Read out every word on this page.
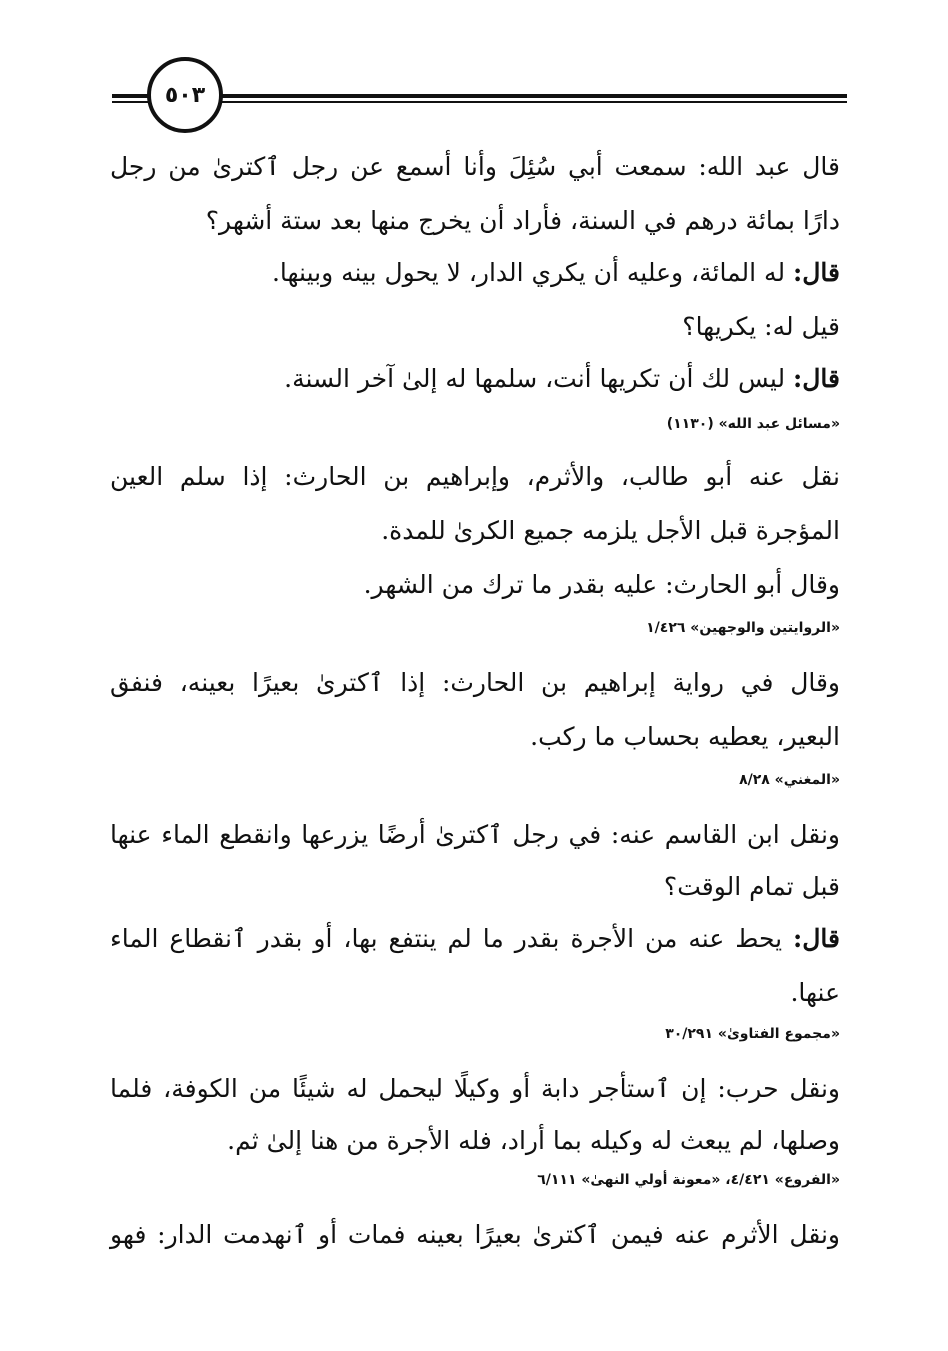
٥٠٣
قال عبد الله: سمعت أبي سُئِلَ وأنا أسمع عن رجل ٱكترىٰ من رجل
دارًا بمائة درهم في السنة، فأراد أن يخرج منها بعد ستة أشهر؟
قال: له المائة، وعليه أن يكري الدار، لا يحول بينه وبينها.
قيل له: يكريها؟
قال: ليس لك أن تكريها أنت، سلمها له إلىٰ آخر السنة.
«مسائل عبد الله» (١١٣٠)
نقل عنه أبو طالب، والأثرم، وإبراهيم بن الحارث: إذا سلم العين
المؤجرة قبل الأجل يلزمه جميع الكرىٰ للمدة.
وقال أبو الحارث: عليه بقدر ما ترك من الشهر.
«الروايتين والوجهين» ١/٤٢٦
وقال في رواية إبراهيم بن الحارث: إذا ٱكترىٰ بعيرًا بعينه، فنفق
البعير، يعطيه بحساب ما ركب.
«المغني» ٨/٢٨
ونقل ابن القاسم عنه: في رجل ٱكترىٰ أرضًا يزرعها وانقطع الماء عنها
قبل تمام الوقت؟
قال: يحط عنه من الأجرة بقدر ما لم ينتفع بها، أو بقدر ٱنقطاع الماء
عنها.
«مجموع الفتاوىٰ» ٣٠/٢٩١
ونقل حرب: إن ٱستأجر دابة أو وكيلًا ليحمل له شيئًا من الكوفة، فلما
وصلها، لم يبعث له وكيله بما أراد، فله الأجرة من هنا إلىٰ ثم.
«الفروع» ٤/٤٢١، «معونة أولي النهىٰ» ٦/١١١
ونقل الأثرم عنه فيمن ٱكترىٰ بعيرًا بعينه فمات أو ٱنهدمت الدار: فهو
